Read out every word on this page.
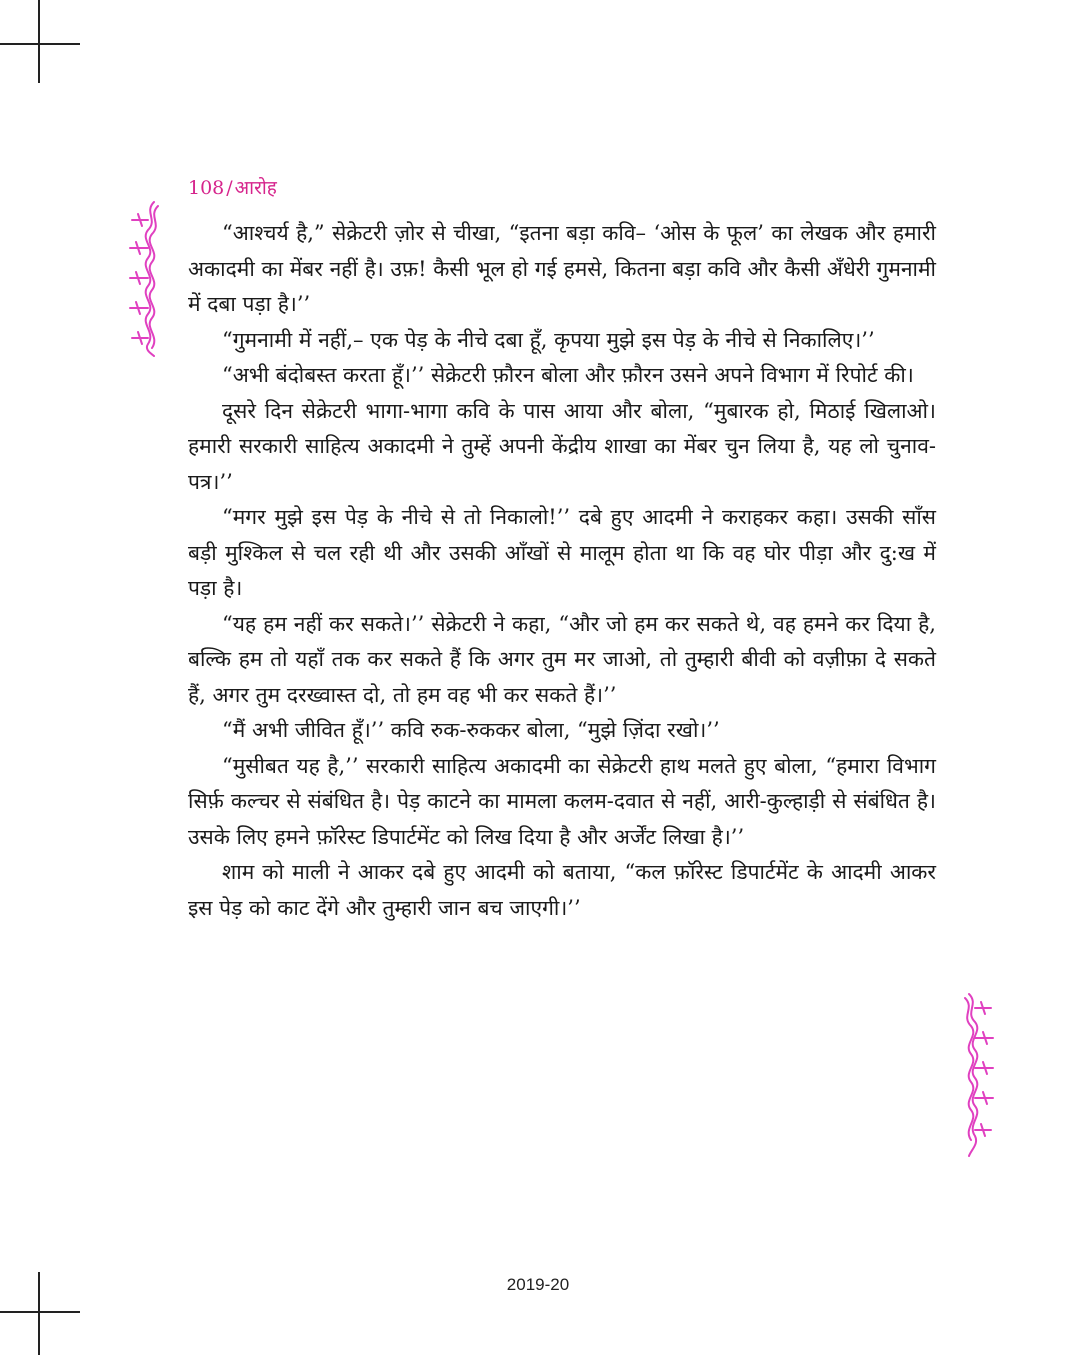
108 / आरोह

“आश्चर्य है,” सेक्रेटरी ज़ोर से चीखा, “इतना बड़ा कवि– ‘ओस के फूल’ का लेखक और हमारी अकादमी का मेंबर नहीं है। उफ़! कैसी भूल हो गई हमसे, कितना बड़ा कवि और कैसी अँधेरी गुमनामी में दबा पड़ा है।’’

“गुमनामी में नहीं,– एक पेड़ के नीचे दबा हूँ, कृपया मुझे इस पेड़ के नीचे से निकालिए।’’

“अभी बंदोबस्त करता हूँ।’’ सेक्रेटरी फ़ौरन बोला और फ़ौरन उसने अपने विभाग में रिपोर्ट की।

दूसरे दिन सेक्रेटरी भागा-भागा कवि के पास आया और बोला, “मुबारक हो, मिठाई खिलाओ। हमारी सरकारी साहित्य अकादमी ने तुम्हें अपनी केंद्रीय शाखा का मेंबर चुन लिया है, यह लो चुनाव-पत्र।’’

“मगर मुझे इस पेड़ के नीचे से तो निकालो!’’ दबे हुए आदमी ने कराहकर कहा। उसकी साँस बड़ी मुश्किल से चल रही थी और उसकी आँखों से मालूम होता था कि वह घोर पीड़ा और दु:ख में पड़ा है।

“यह हम नहीं कर सकते।’’ सेक्रेटरी ने कहा, “और जो हम कर सकते थे, वह हमने कर दिया है, बल्कि हम तो यहाँ तक कर सकते हैं कि अगर तुम मर जाओ, तो तुम्हारी बीवी को वज़ीफ़ा दे सकते हैं, अगर तुम दरख्वास्त दो, तो हम वह भी कर सकते हैं।’’

“मैं अभी जीवित हूँ।’’ कवि रुक-रुककर बोला, “मुझे ज़िंदा रखो।’’

“मुसीबत यह है,’’ सरकारी साहित्य अकादमी का सेक्रेटरी हाथ मलते हुए बोला, “हमारा विभाग सिर्फ़ कल्चर से संबंधित है। पेड़ काटने का मामला कलम-दवात से नहीं, आरी-कुल्हाड़ी से संबंधित है। उसके लिए हमने फ़ॉरेस्ट डिपार्टमेंट को लिख दिया है और अर्जेंट लिखा है।’’

शाम को माली ने आकर दबे हुए आदमी को बताया, “कल फ़ॉरेस्ट डिपार्टमेंट के आदमी आकर इस पेड़ को काट देंगे और तुम्हारी जान बच जाएगी।’’

2019-20
